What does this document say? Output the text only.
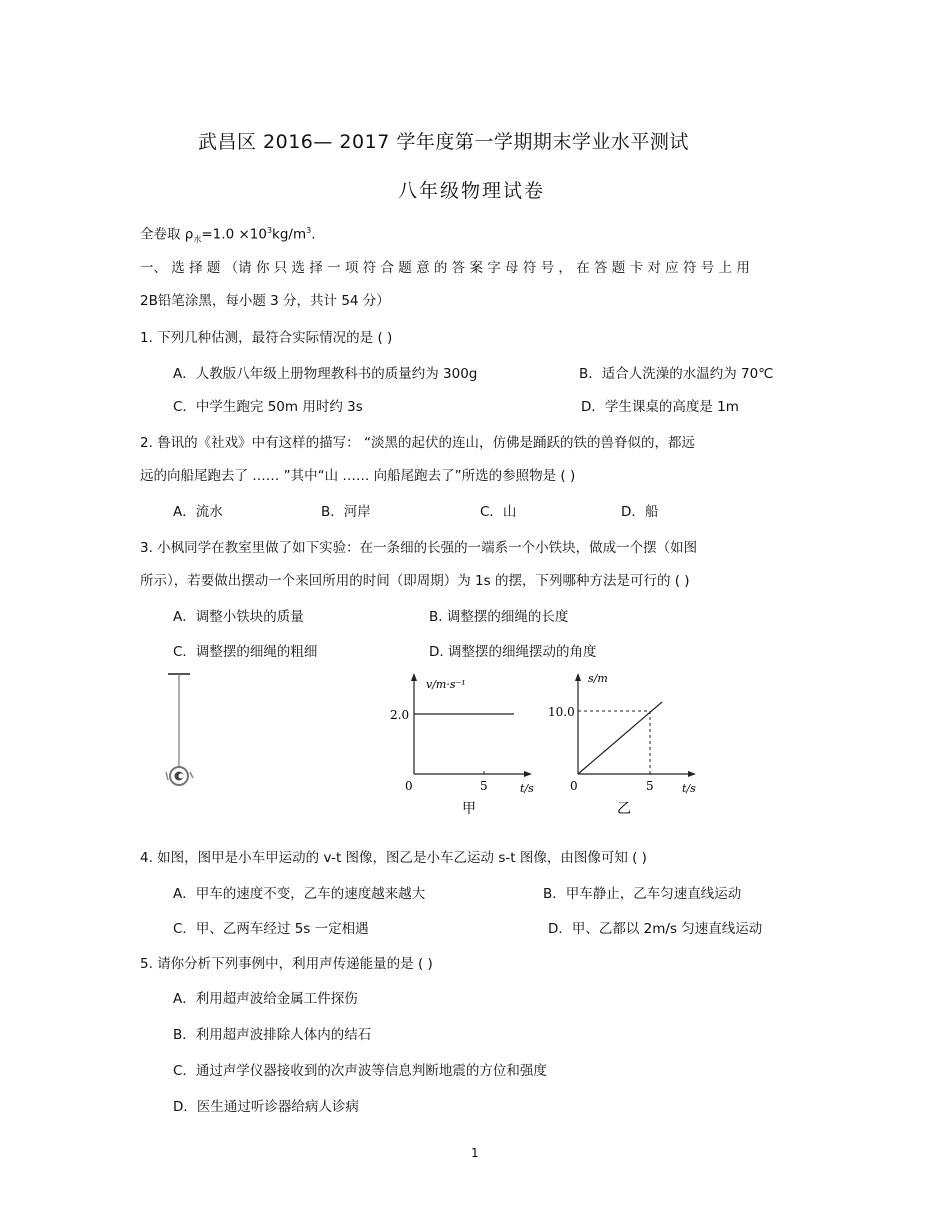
武昌区 2016— 2017 学年度第一学期期末学业水平测试
八年级物理试卷
全卷取 $\rho_水=1.0 \times 10^3kg/m^3$.
一、 选 择 题 （请 你 只 选 择 一 项 符 合 题 意 的 答 案 字 母 符 号 ， 在 答 题 卡 对 应 符 号 上 用
2B铅笔涂黑，每小题 3 分，共计 54 分）
1. 下列几种估测，最符合实际情况的是 ( )
A．人教版八年级上册物理教科书的质量约为 300g	B．适合人洗澡的水温约为 70℃
C．中学生跑完 50m 用时约 3s	D．学生课桌的高度是 1m
2. 鲁讯的《社戏》中有这样的描写： “淡黑的起伏的连山，仿佛是踊跃的铁的兽脊似的，都远
远的向船尾跑去了 …… ”其中“山 …… 向船尾跑去了”所选的参照物是 ( )
A．流水	B．河岸	C．山	D．船
3. 小枫同学在教室里做了如下实验：在一条细的长强的一端系一个小铁块，做成一个摆（如图
所示），若要做出摆动一个来回所用的时间（即周期）为 1s 的摆，下列哪种方法是可行的 ( )
A．调整小铁块的质量	B. 调整摆的细绳的长度
C．调整摆的细绳的粗细	D. 调整摆的细绳摆动的角度
v/m·s⁻¹
2.0
5
0	t/s
甲
s/m
10.0
5
0	t/s
乙
4. 如图，图甲是小车甲运动的 v-t 图像，图乙是小车乙运动 s-t 图像，由图像可知 ( )
A．甲车的速度不变，乙车的速度越来越大	B．甲车静止，乙车匀速直线运动
C．甲、乙两车经过 5s 一定相遇	D．甲、乙都以 2m/s 匀速直线运动
5. 请你分析下列事例中，利用声传递能量的是 ( )
A．利用超声波给金属工件探伤
B．利用超声波排除人体内的结石
C．通过声学仪器接收到的次声波等信息判断地震的方位和强度
D．医生通过听诊器给病人诊病
1
